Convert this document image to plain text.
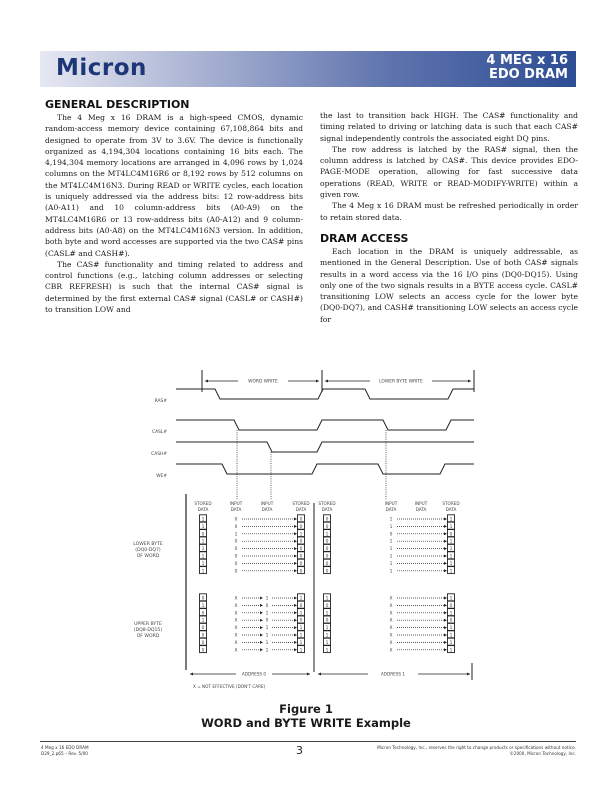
Micron	4 MEG x 16
EDO DRAM
GENERAL DESCRIPTION

The 4 Meg x 16 DRAM is a high-speed CMOS, dynamic random-access memory device containing 67,108,864 bits and designed to operate from 3V to 3.6V. The device is functionally organized as 4,194,304 locations containing 16 bits each. The 4,194,304 memory locations are arranged in 4,096 rows by 1,024 columns on the MT4LC4M16R6 or 8,192 rows by 512 columns on the MT4LC4M16N3. During READ or WRITE cycles, each location is uniquely addressed via the address bits: 12 row-address bits (A0-A11) and 10 column-address bits (A0-A9) on the MT4LC4M16R6 or 13 row-address bits (A0-A12) and 9 column-address bits (A0-A8) on the MT4LC4M16N3 version. In addition, both byte and word accesses are supported via the two CAS# pins (CASL# and CASH#).

The CAS# functionality and timing related to address and control functions (e.g., latching column addresses or selecting CBR REFRESH) is such that the internal CAS# signal is determined by the first external CAS# signal (CASL# or CASH#) to transition LOW and

the last to transition back HIGH. The CAS# functionality and timing related to driving or latching data is such that each CAS# signal independently controls the associated eight DQ pins.

The row address is latched by the RAS# signal, then the column address is latched by CAS#. This device provides EDO-PAGE-MODE operation, allowing for fast successive data operations (READ, WRITE or READ-MODIFY-WRITE) within a given row.

The 4 Meg x 16 DRAM must be refreshed periodically in order to retain stored data.

DRAM ACCESS

Each location in the DRAM is uniquely addressable, as mentioned in the General Description. Use of both CAS# signals results in a word access via the 16 I/O pins (DQ0-DQ15). Using only one of the two signals results in a BYTE access cycle. CASL# transitioning LOW selects an access cycle for the lower byte (DQ0-DQ7), and CASH# transitioning LOW selects an access cycle for

WORD WRITE	LOWER BYTE WRITE
RAS#
CASL#
CASH#
WE#
STORED
DATA
INPUT
DATA
INPUT
DATA
STORED
DATA
STORED
DATA
INPUT
DATA
INPUT
DATA
STORED
DATA
LOWER BYTE
(DQ0-DQ7)
OF WORD
UPPER BYTE
(DQ8-DQ15)
OF WORD
1	0	0
1	0	0
0	1	1
1	0	0
1	0	0
1	0	0
1	0	0
1	0	0
0	X	1	1
1	X	0	0
0	X	1	1
1	X	0	0
0	X	1	1
0	X	1	1
0	X	1	1
0	X	1	1
0	1	1
0	1	1
1	0	0
0	1	1
0	1	1
0	1	1
0	1	1
0	1	1
1	X	1
0	X	0
1	X	1
0	X	0
1	X	1
1	X	1
1	X	1
1	X	1
ADDRESS 0	ADDRESS 1
X = NOT EFFECTIVE (DON'T CARE)
Figure 1
WORD and BYTE WRITE Example
4 Meg x 16 EDO DRAM
D29_2.p65 – Rev. 5/00	3	Micron Technology, Inc., reserves the right to change products or specifications without notice.
©2000, Micron Technology, Inc.
